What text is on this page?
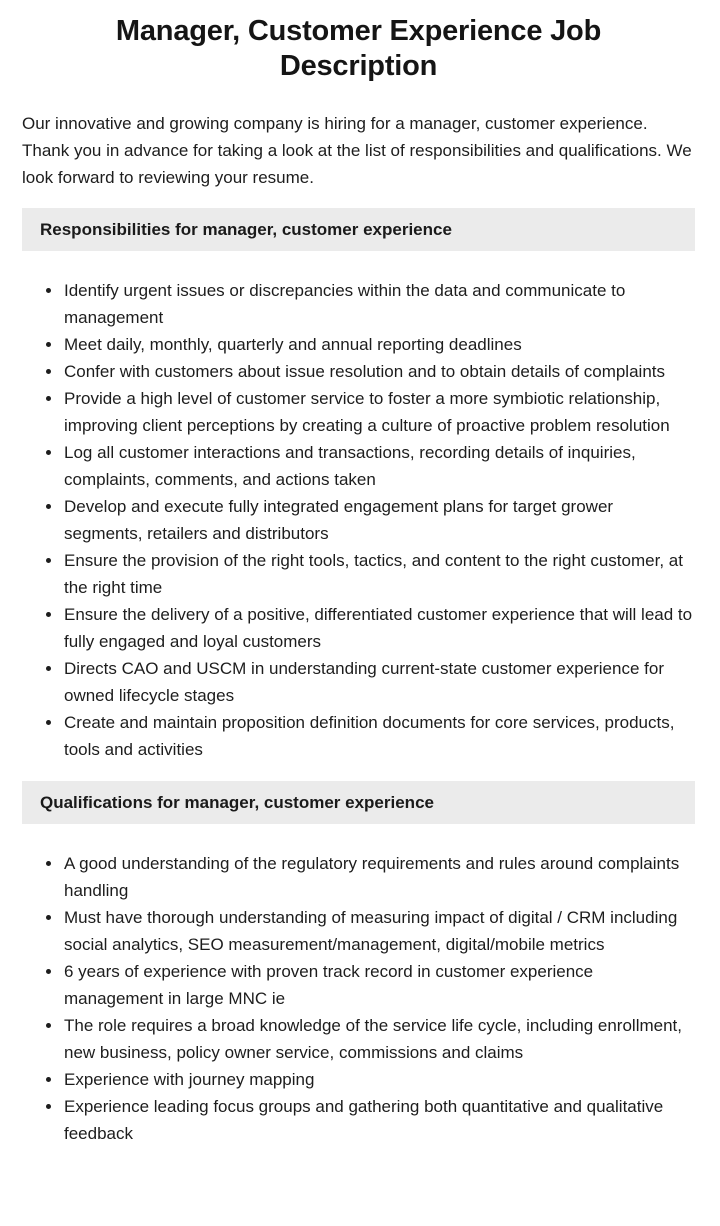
Manager, Customer Experience Job Description

Our innovative and growing company is hiring for a manager, customer experience. Thank you in advance for taking a look at the list of responsibilities and qualifications. We look forward to reviewing your resume.

Responsibilities for manager, customer experience
• Identify urgent issues or discrepancies within the data and communicate to management
• Meet daily, monthly, quarterly and annual reporting deadlines
• Confer with customers about issue resolution and to obtain details of complaints
• Provide a high level of customer service to foster a more symbiotic relationship, improving client perceptions by creating a culture of proactive problem resolution
• Log all customer interactions and transactions, recording details of inquiries, complaints, comments, and actions taken
• Develop and execute fully integrated engagement plans for target grower segments, retailers and distributors
• Ensure the provision of the right tools, tactics, and content to the right customer, at the right time
• Ensure the delivery of a positive, differentiated customer experience that will lead to fully engaged and loyal customers
• Directs CAO and USCM in understanding current-state customer experience for owned lifecycle stages
• Create and maintain proposition definition documents for core services, products, tools and activities
Qualifications for manager, customer experience
• A good understanding of the regulatory requirements and rules around complaints handling
• Must have thorough understanding of measuring impact of digital / CRM including social analytics, SEO measurement/management, digital/mobile metrics
• 6 years of experience with proven track record in customer experience management in large MNC ie
• The role requires a broad knowledge of the service life cycle, including enrollment, new business, policy owner service, commissions and claims
• Experience with journey mapping
• Experience leading focus groups and gathering both quantitative and qualitative feedback
